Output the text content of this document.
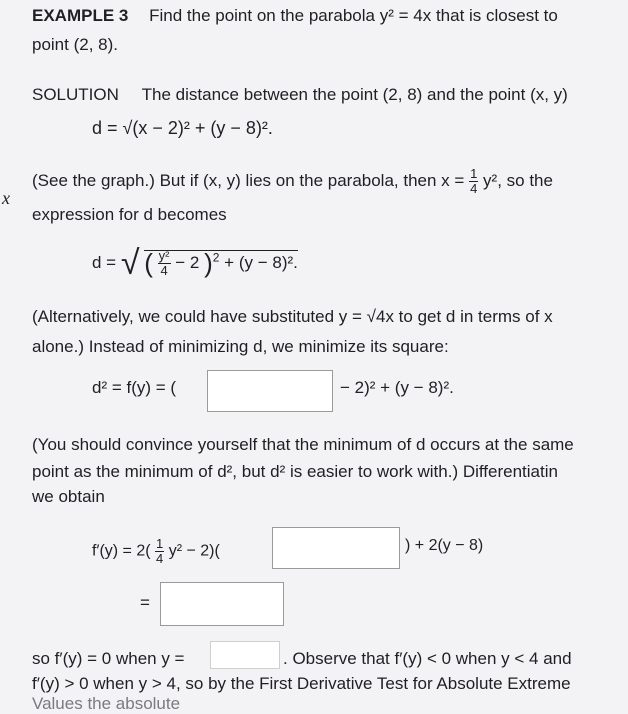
x
EXAMPLE 3 Find the point on the parabola y² = 4x that is closest to
point (2, 8).
SOLUTION The distance between the point (2, 8) and the point (x, y)
d = √(x − 2)² + (y − 8)².
(See the graph.) But if (x, y) lies on the parabola, then $x = \frac{1}{4} y^2$, so the
expression for d becomes
d = √ ( $\frac{\text{y²}}{4} - 2$ )$^2$ + (y − 8)².
(Alternatively, we could have substituted y = √4x to get d in terms of x
alone.) Instead of minimizing d, we minimize its square:
d² = f(y) = (	− 2)² + (y − 8)².
(You should convince yourself that the minimum of d occurs at the same
point as the minimum of d², but d² is easier to work with.) Differentiatin
we obtain
$f'(y) = 2( \frac{1}{4} y^2 - 2)$(	) + 2(y − 8)
=
so f′(y) = 0 when y =	. Observe that f′(y) < 0 when y < 4 and
f′(y) > 0 when y > 4, so by the First Derivative Test for Absolute Extreme
Values the absolute
